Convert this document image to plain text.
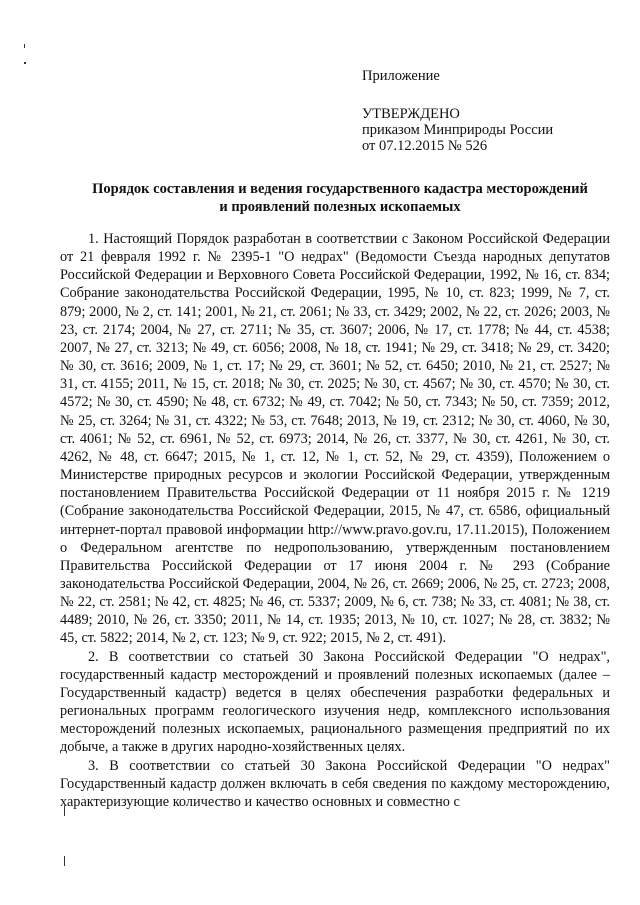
Приложение
УТВЕРЖДЕНО
приказом Минприроды России
от 07.12.2015 № 526
Порядок составления и ведения государственного кадастра месторождений
и проявлений полезных ископаемых

1. Настоящий Порядок разработан в соответствии с Законом Российской Федерации от 21 февраля 1992 г. № 2395-1 "О недрах" (Ведомости Съезда народных депутатов Российской Федерации и Верховного Совета Российской Федерации, 1992, № 16, ст. 834; Собрание законодательства Российской Федерации, 1995, № 10, ст. 823; 1999, № 7, ст. 879; 2000, № 2, ст. 141; 2001, № 21, ст. 2061; № 33, ст. 3429; 2002, № 22, ст. 2026; 2003, № 23, ст. 2174; 2004, № 27, ст. 2711; № 35, ст. 3607; 2006, № 17, ст. 1778; № 44, ст. 4538; 2007, № 27, ст. 3213; № 49, ст. 6056; 2008, № 18, ст. 1941; № 29, ст. 3418; № 29, ст. 3420; № 30, ст. 3616; 2009, № 1, ст. 17; № 29, ст. 3601; № 52, ст. 6450; 2010, № 21, ст. 2527; № 31, ст. 4155; 2011, № 15, ст. 2018; № 30, ст. 2025; № 30, ст. 4567; № 30, ст. 4570; № 30, ст. 4572; № 30, ст. 4590; № 48, ст. 6732; № 49, ст. 7042; № 50, ст. 7343; № 50, ст. 7359; 2012, № 25, ст. 3264; № 31, ст. 4322; № 53, ст. 7648; 2013, № 19, ст. 2312; № 30, ст. 4060, № 30, ст. 4061; № 52, ст. 6961, № 52, ст. 6973; 2014, № 26, ст. 3377, № 30, ст. 4261, № 30, ст. 4262, № 48, ст. 6647; 2015, № 1, ст. 12, № 1, ст. 52, № 29, ст. 4359), Положением о Министерстве природных ресурсов и экологии Российской Федерации, утвержденным постановлением Правительства Российской Федерации от 11 ноября 2015 г. № 1219 (Собрание законодательства Российской Федерации, 2015, № 47, ст. 6586, официальный интернет-портал правовой информации http://www.pravo.gov.ru, 17.11.2015), Положением о Федеральном агентстве по недропользованию, утвержденным постановлением Правительства Российской Федерации от 17 июня 2004 г. № 293 (Собрание законодательства Российской Федерации, 2004, № 26, ст. 2669; 2006, № 25, ст. 2723; 2008, № 22, ст. 2581; № 42, ст. 4825; № 46, ст. 5337; 2009, № 6, ст. 738; № 33, ст. 4081; № 38, ст. 4489; 2010, № 26, ст. 3350; 2011, № 14, ст. 1935; 2013, № 10, ст. 1027; № 28, ст. 3832; № 45, ст. 5822; 2014, № 2, ст. 123; № 9, ст. 922; 2015, № 2, ст. 491).

2. В соответствии со статьей 30 Закона Российской Федерации "О недрах", государственный кадастр месторождений и проявлений полезных ископаемых (далее – Государственный кадастр) ведется в целях обеспечения разработки федеральных и региональных программ геологического изучения недр, комплексного использования месторождений полезных ископаемых, рационального размещения предприятий по их добыче, а также в других народно-хозяйственных целях.

3. В соответствии со статьей 30 Закона Российской Федерации "О недрах" Государственный кадастр должен включать в себя сведения по каждому месторождению, характеризующие количество и качество основных и совместно с
